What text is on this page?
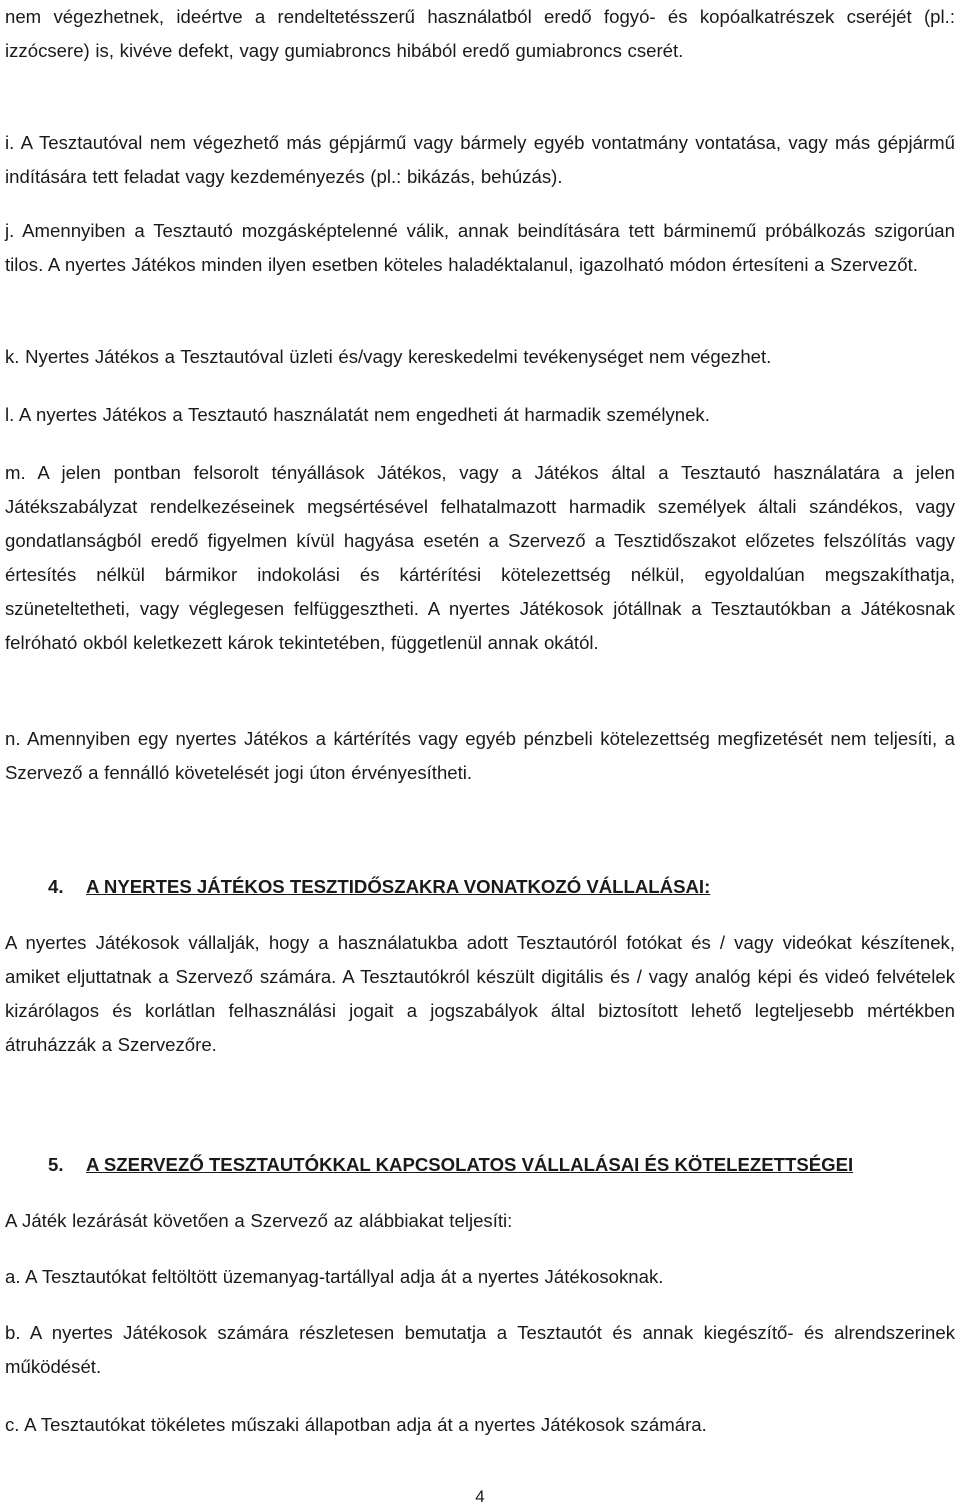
nem végezhetnek, ideértve a rendeltetésszerű használatból eredő fogyó- és kopóalkatrészek cseréjét (pl.: izzócsere) is, kivéve defekt, vagy gumiabroncs hibából eredő gumiabroncs cserét.

i. A Tesztautóval nem végezhető más gépjármű vagy bármely egyéb vontatmány vontatása, vagy más gépjármű indítására tett feladat vagy kezdeményezés (pl.: bikázás, behúzás).

j. Amennyiben a Tesztautó mozgásképtelenné válik, annak beindítására tett bárminemű próbálkozás szigorúan tilos. A nyertes Játékos minden ilyen esetben köteles haladéktalanul, igazolható módon értesíteni a Szervezőt.

k. Nyertes Játékos a Tesztautóval üzleti és/vagy kereskedelmi tevékenységet nem végezhet.

l. A nyertes Játékos a Tesztautó használatát nem engedheti át harmadik személynek.

m. A jelen pontban felsorolt tényállások Játékos, vagy a Játékos által a Tesztautó használatára a jelen Játékszabályzat rendelkezéseinek megsértésével felhatalmazott harmadik személyek általi szándékos, vagy gondatlanságból eredő figyelmen kívül hagyása esetén a Szervező a Tesztidőszakot előzetes felszólítás vagy értesítés nélkül bármikor indokolási és kártérítési kötelezettség nélkül, egyoldalúan megszakíthatja, szüneteltetheti, vagy véglegesen felfüggesztheti. A nyertes Játékosok jótállnak a Tesztautókban a Játékosnak felróható okból keletkezett károk tekintetében, függetlenül annak okától.

n. Amennyiben egy nyertes Játékos a kártérítés vagy egyéb pénzbeli kötelezettség megfizetését nem teljesíti, a Szervező a fennálló követelését jogi úton érvényesítheti.

4. A NYERTES JÁTÉKOS TESZTIDŐSZAKRA VONATKOZÓ VÁLLALÁSAI:

A nyertes Játékosok vállalják, hogy a használatukba adott Tesztautóról fotókat és / vagy videókat készítenek, amiket eljuttatnak a Szervező számára. A Tesztautókról készült digitális és / vagy analóg képi és videó felvételek kizárólagos és korlátlan felhasználási jogait a jogszabályok által biztosított lehető legteljesebb mértékben átruházzák a Szervezőre.

5. A SZERVEZŐ TESZTAUTÓKKAL KAPCSOLATOS VÁLLALÁSAI ÉS KÖTELEZETTSÉGEI

A Játék lezárását követően a Szervező az alábbiakat teljesíti:

a. A Tesztautókat feltöltött üzemanyag-tartállyal adja át a nyertes Játékosoknak.

b. A nyertes Játékosok számára részletesen bemutatja a Tesztautót és annak kiegészítő- és alrendszerinek működését.

c. A Tesztautókat tökéletes műszaki állapotban adja át a nyertes Játékosok számára.

4
